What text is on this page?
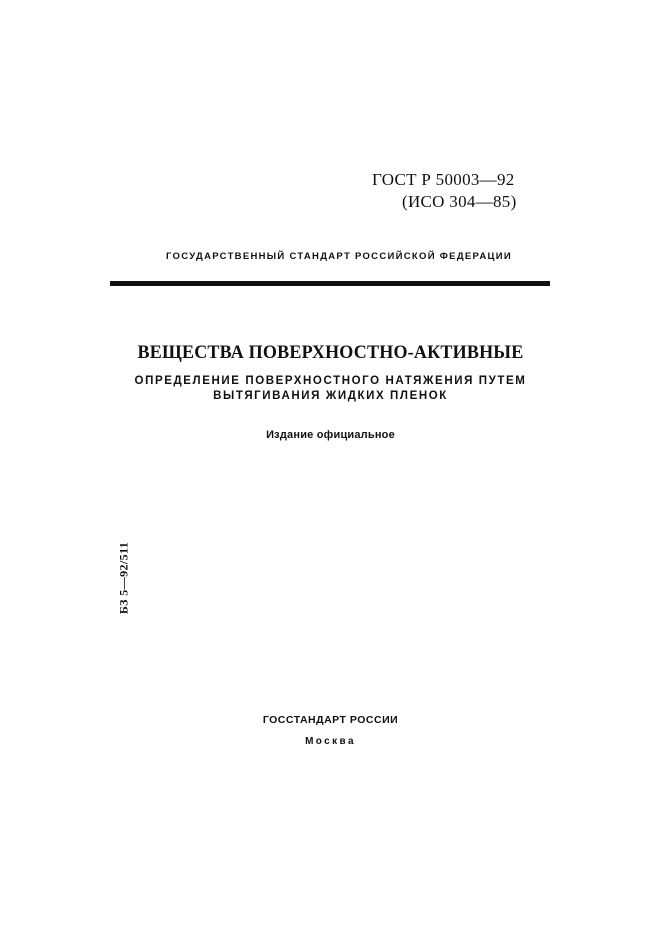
ГОСТ Р 50003—92
(ИСО 304—85)
ГОСУДАРСТВЕННЫЙ СТАНДАРТ РОССИЙСКОЙ ФЕДЕРАЦИИ
ВЕЩЕСТВА ПОВЕРХНОСТНО-АКТИВНЫЕ
ОПРЕДЕЛЕНИЕ ПОВЕРХНОСТНОГО НАТЯЖЕНИЯ ПУТЕМ
ВЫТЯГИВАНИЯ ЖИДКИХ ПЛЕНОК
Издание официальное
БЗ 5—92/511
ГОССТАНДАРТ РОССИИ
Москва
